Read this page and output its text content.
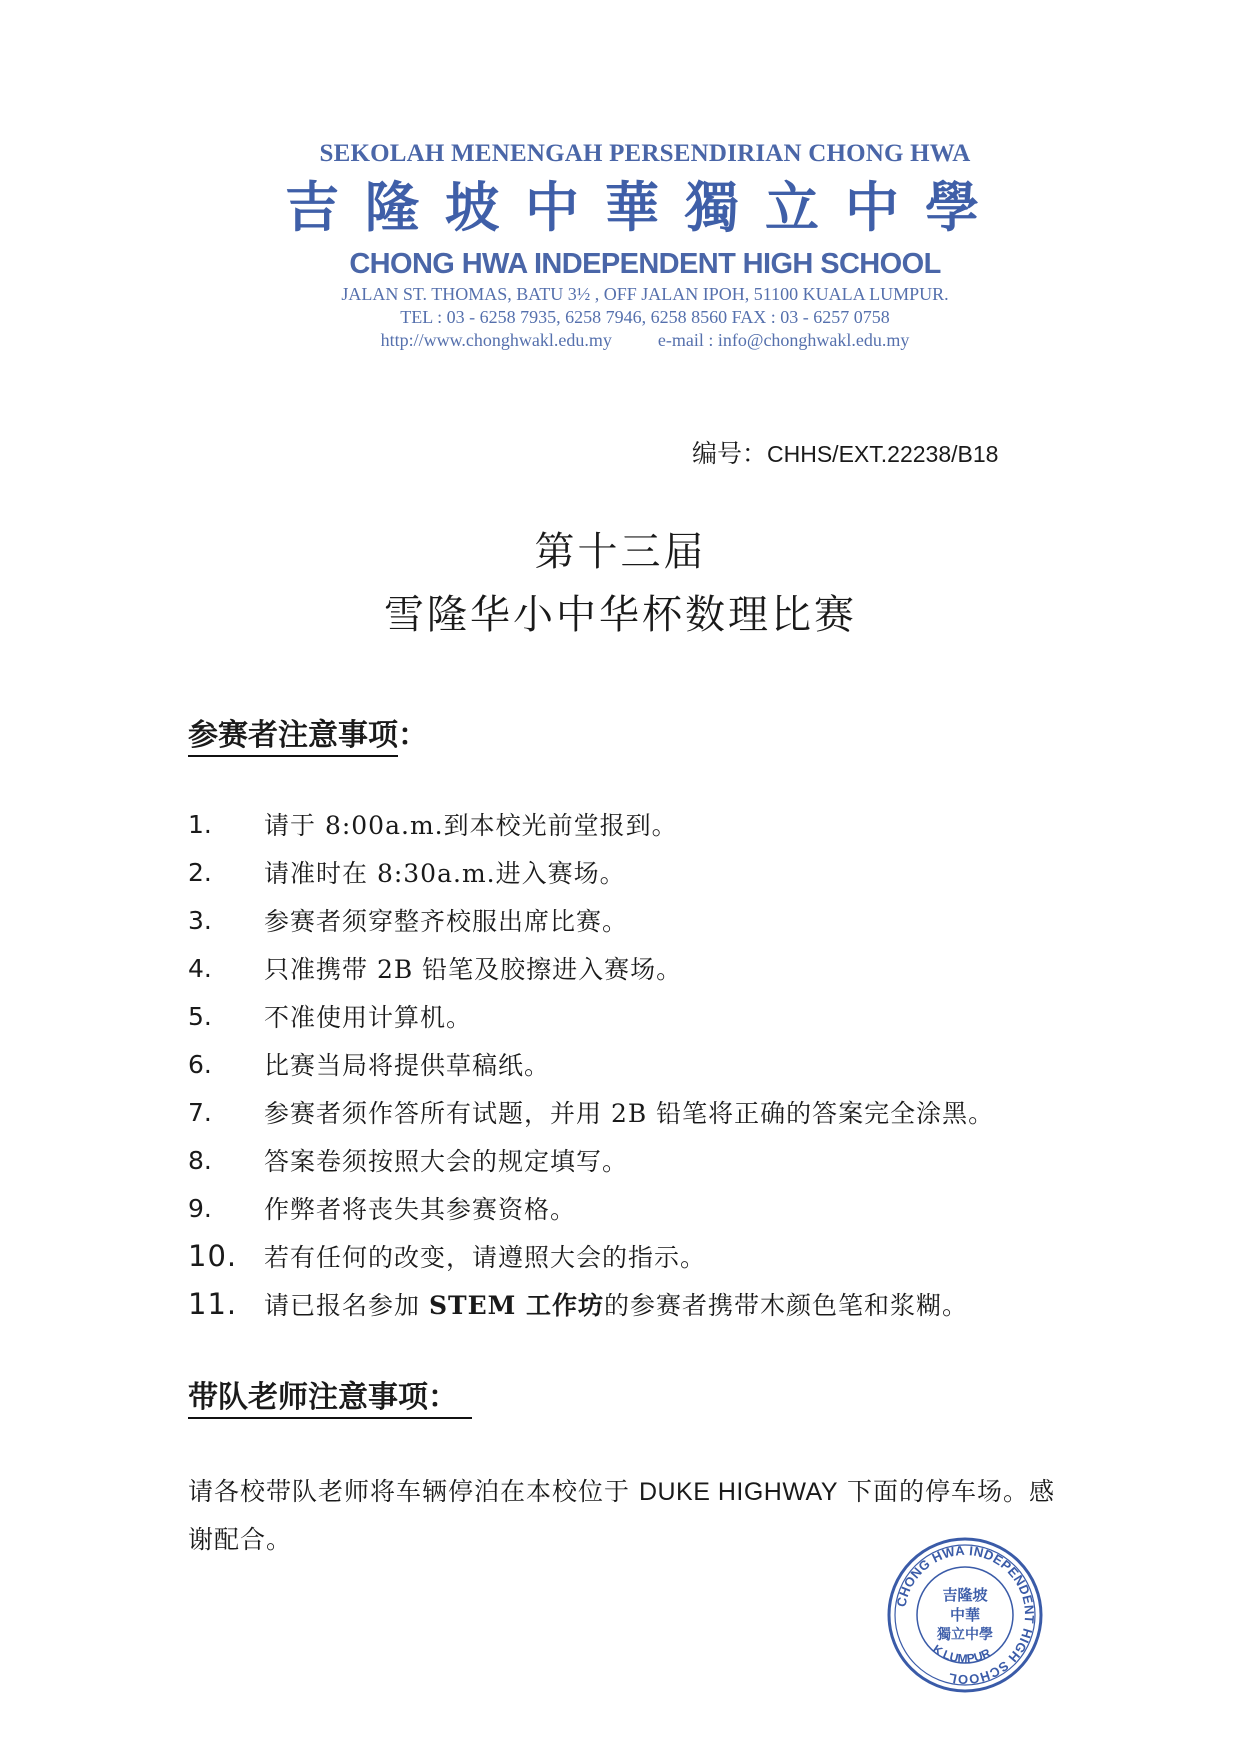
SEKOLAH MENENGAH PERSENDIRIAN CHONG HWA
吉隆坡中華獨立中學
CHONG HWA INDEPENDENT HIGH SCHOOL
JALAN ST. THOMAS, BATU 3½ , OFF JALAN IPOH, 51100 KUALA LUMPUR.
TEL : 03 - 6258 7935, 6258 7946, 6258 8560 FAX : 03 - 6257 0758
http://www.chonghwakl.edu.my	e-mail : info@chonghwakl.edu.my
编号：CHHS/EXT.22238/B18
第十三届
雪隆华小中华杯数理比赛
参赛者注意事项：
1.	请于 8:00a.m.到本校光前堂报到。
2.	请准时在 8:30a.m.进入赛场。
3.	参赛者须穿整齐校服出席比赛。
4.	只准携带 2B 铅笔及胶擦进入赛场。
5.	不准使用计算机。
6.	比赛当局将提供草稿纸。
7.	参赛者须作答所有试题，并用 2B 铅笔将正确的答案完全涂黑。
8.	答案卷须按照大会的规定填写。
9.	作弊者将丧失其参赛资格。
10.	若有任何的改变，请遵照大会的指示。
11.	请已报名参加 STEM 工作坊的参赛者携带木颜色笔和浆糊。
带队老师注意事项：
请各校带队老师将车辆停泊在本校位于 DUKE HIGHWAY 下面的停车场。感谢配合。
CHONG HWA INDEPENDENT HIGH SCHOOL
K LUMPUR
吉隆坡
中華
獨立中學
